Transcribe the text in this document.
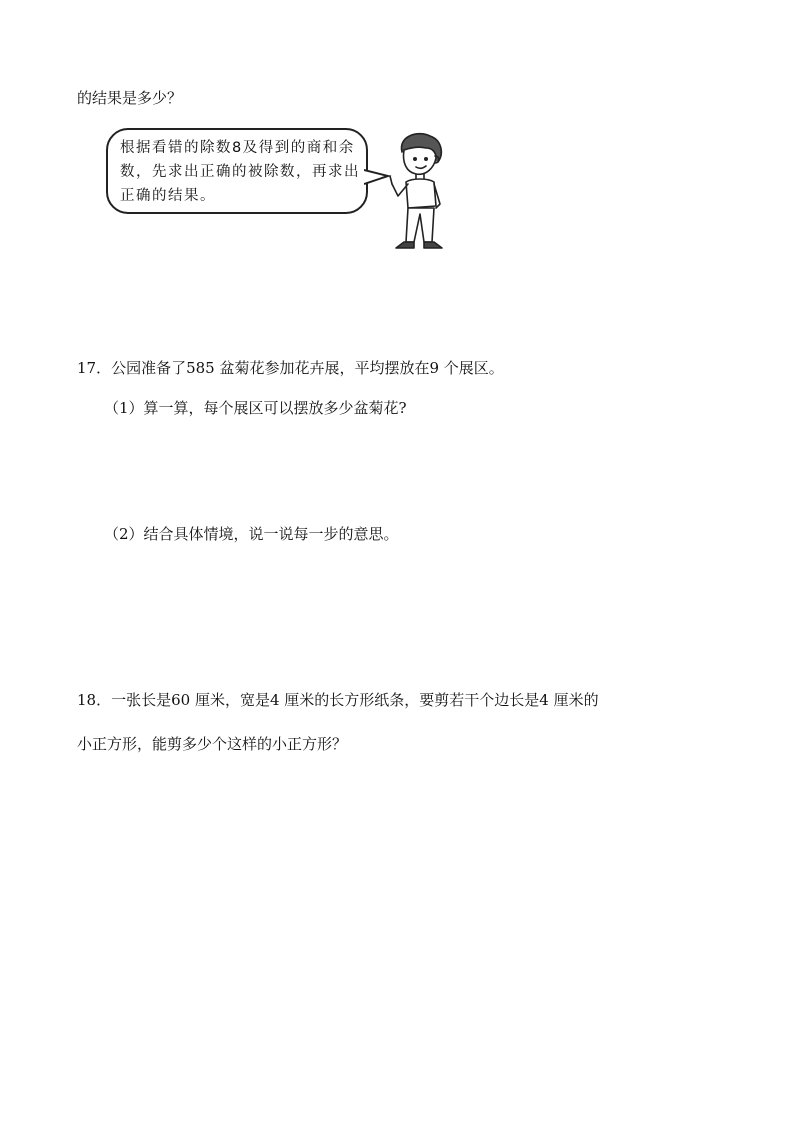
的结果是多少？
根据看错的除数8及得到的商和余数，先求出正确的被除数，再求出正确的结果。
17．公园准备了585 盆菊花参加花卉展，平均摆放在9 个展区。
（1）算一算，每个展区可以摆放多少盆菊花?
（2）结合具体情境，说一说每一步的意思。
18．一张长是60 厘米，宽是4 厘米的长方形纸条，要剪若干个边长是4 厘米的
小正方形，能剪多少个这样的小正方形？
